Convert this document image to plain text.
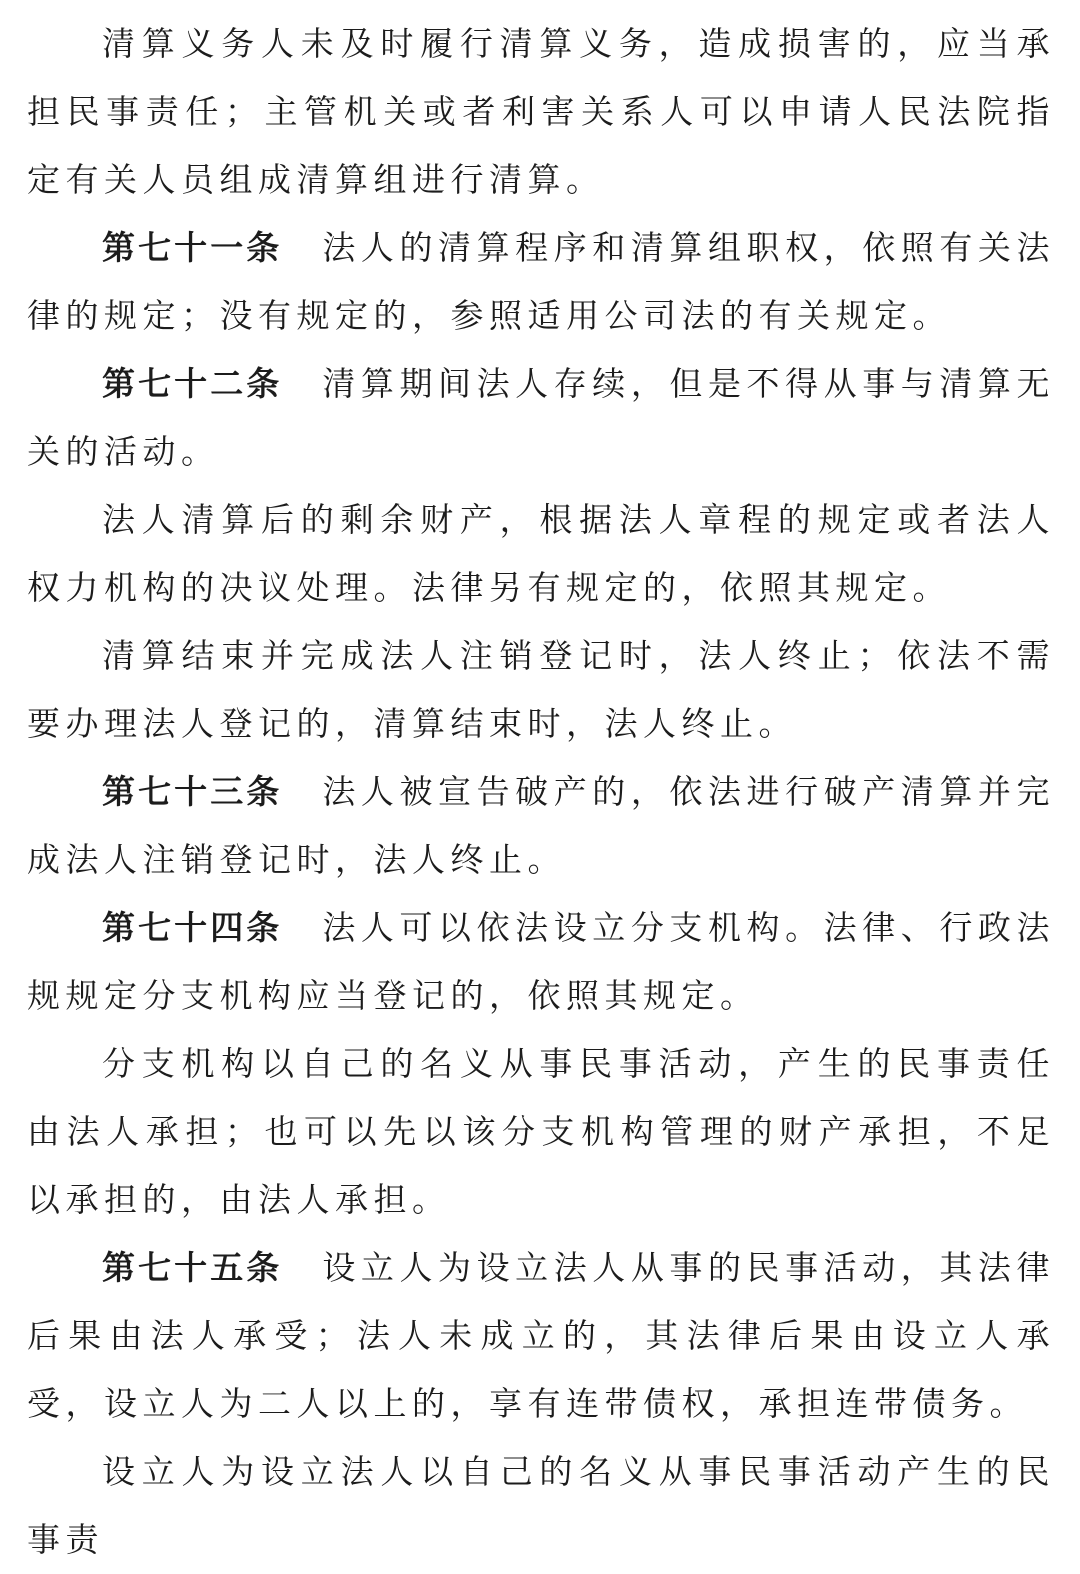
清算义务人未及时履行清算义务，造成损害的，应当承担民事责任；主管机关或者利害关系人可以申请人民法院指定有关人员组成清算组进行清算。

第七十一条 法人的清算程序和清算组职权，依照有关法律的规定；没有规定的，参照适用公司法的有关规定。

第七十二条 清算期间法人存续，但是不得从事与清算无关的活动。

法人清算后的剩余财产，根据法人章程的规定或者法人权力机构的决议处理。法律另有规定的，依照其规定。

清算结束并完成法人注销登记时，法人终止；依法不需要办理法人登记的，清算结束时，法人终止。

第七十三条 法人被宣告破产的，依法进行破产清算并完成法人注销登记时，法人终止。

第七十四条 法人可以依法设立分支机构。法律、行政法规规定分支机构应当登记的，依照其规定。

分支机构以自己的名义从事民事活动，产生的民事责任由法人承担；也可以先以该分支机构管理的财产承担，不足以承担的，由法人承担。

第七十五条 设立人为设立法人从事的民事活动，其法律后果由法人承受；法人未成立的，其法律后果由设立人承受，设立人为二人以上的，享有连带债权，承担连带债务。

设立人为设立法人以自己的名义从事民事活动产生的民事责
